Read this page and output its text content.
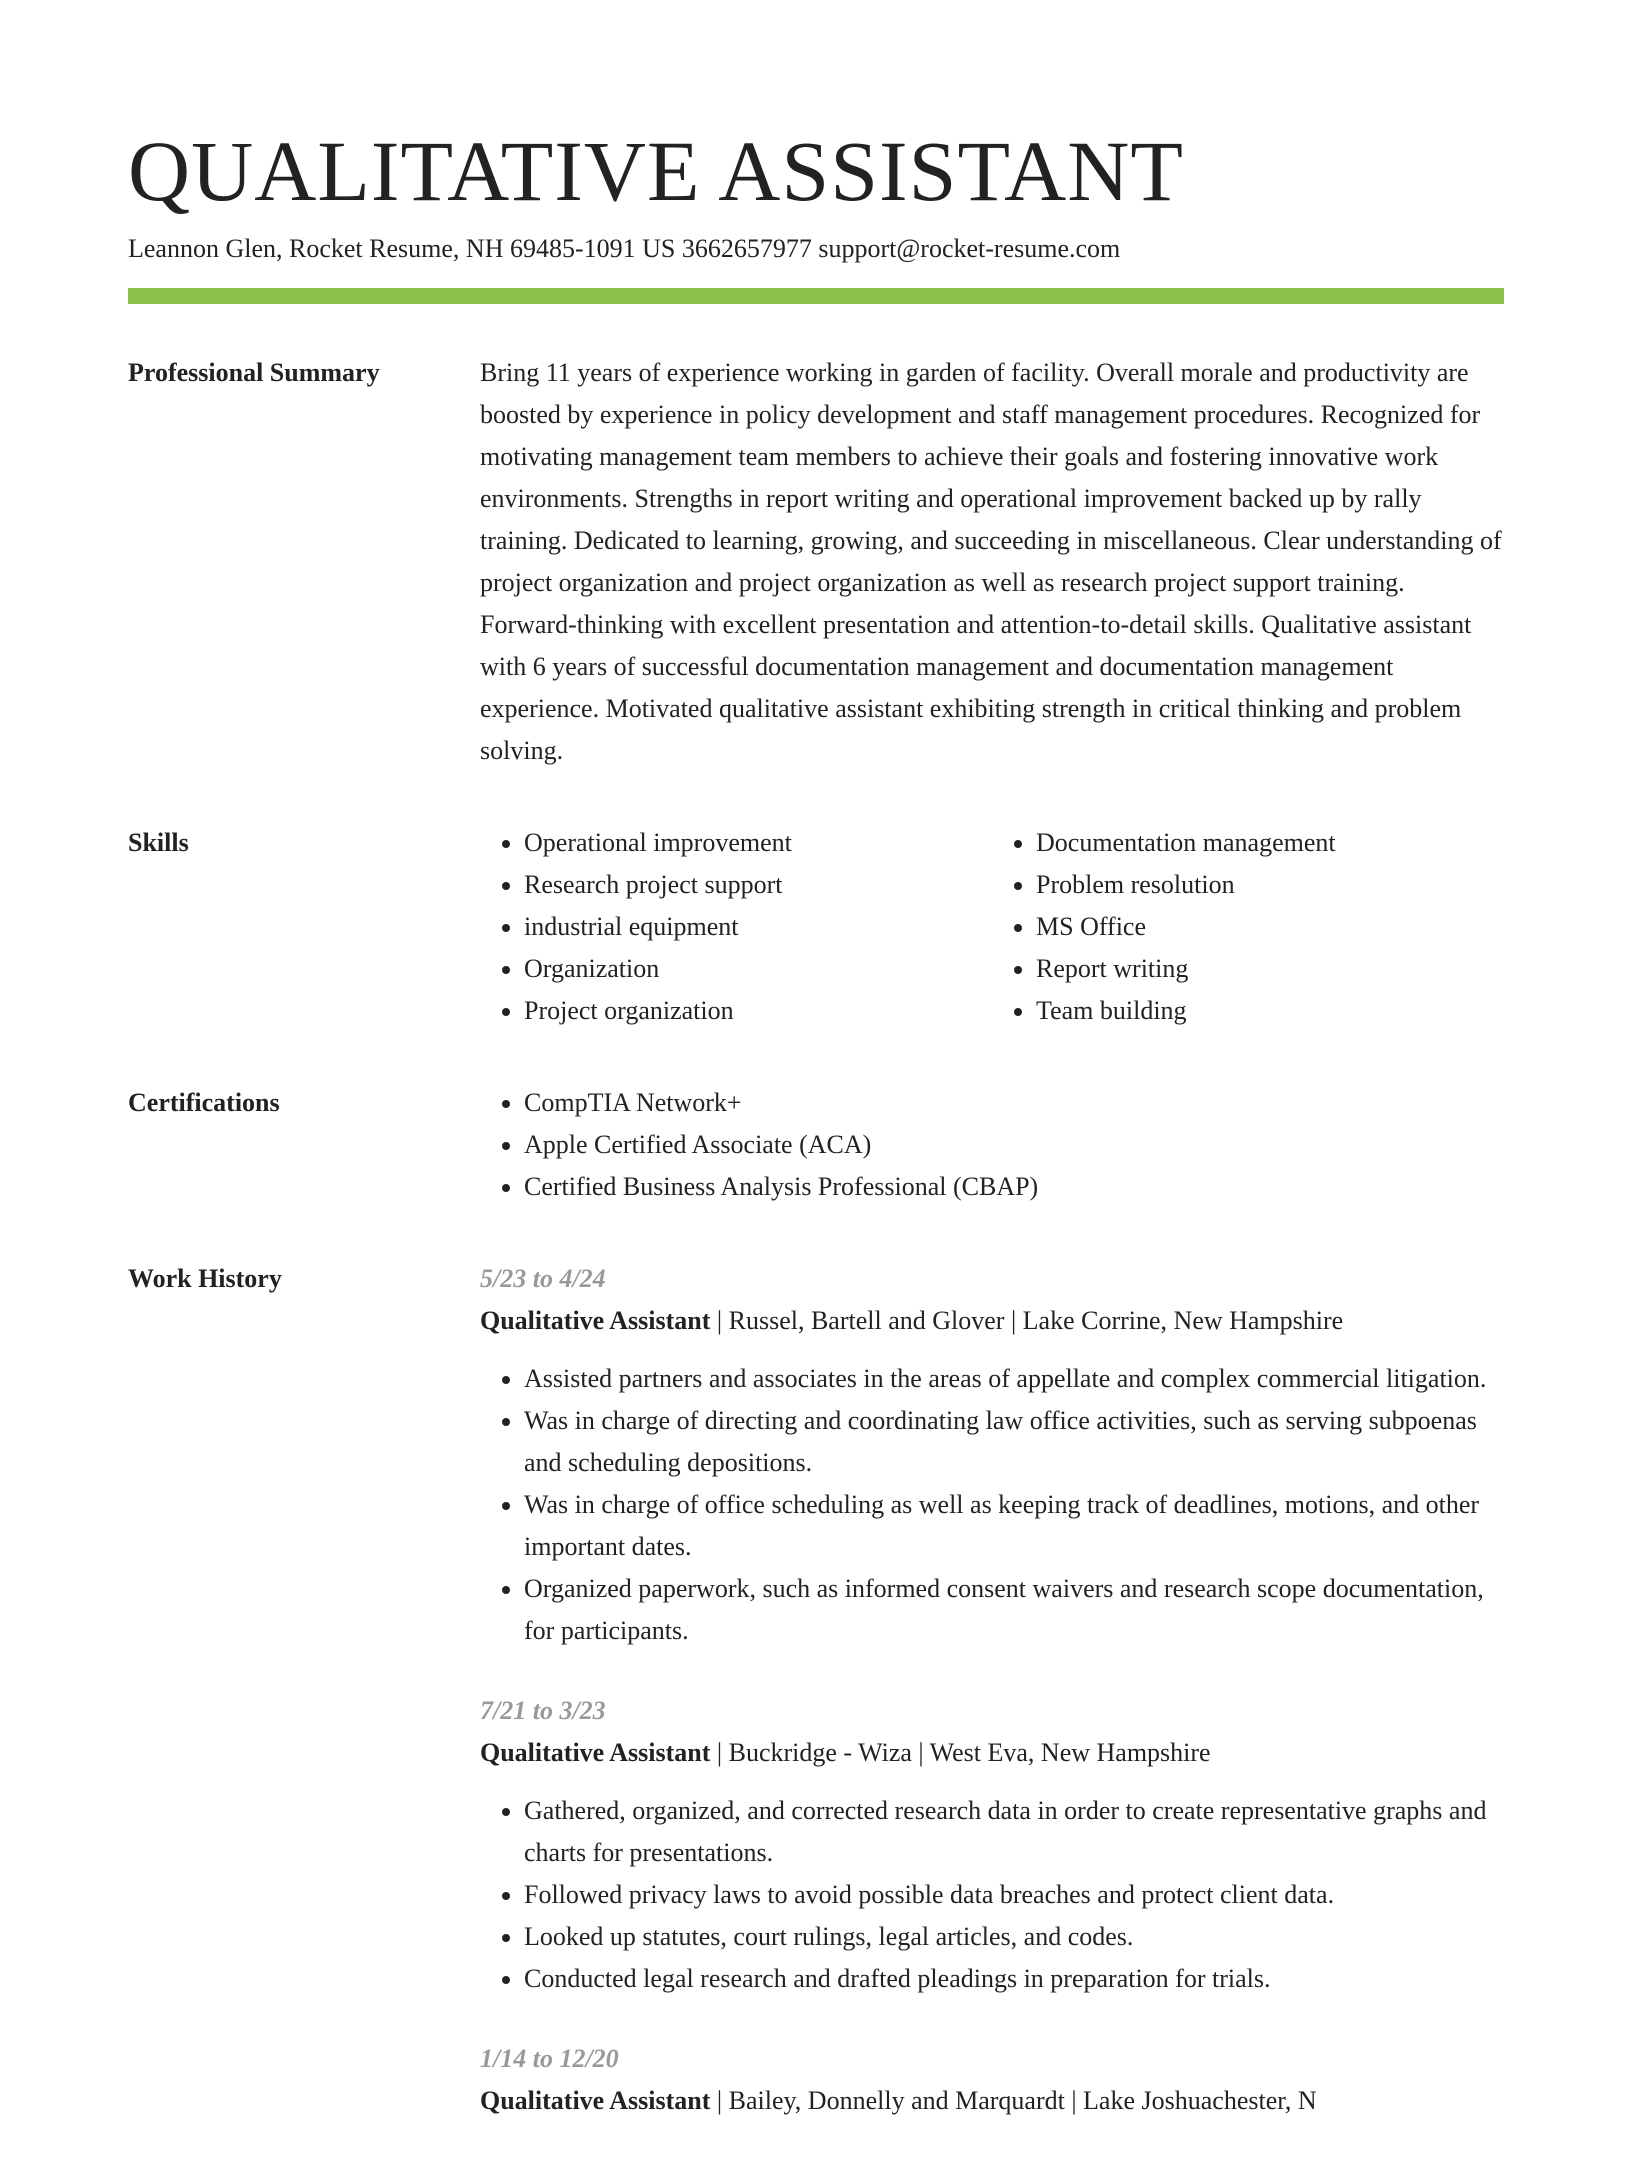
QUALITATIVE ASSISTANT
Leannon Glen, Rocket Resume, NH 69485-1091 US 3662657977 support@rocket-resume.com
Professional Summary	Bring 11 years of experience working in garden of facility. Overall morale and productivity are boosted by experience in policy development and staff management procedures. Recognized for motivating management team members to achieve their goals and fostering innovative work environments. Strengths in report writing and operational improvement backed up by rally training. Dedicated to learning, growing, and succeeding in miscellaneous. Clear understanding of project organization and project organization as well as research project support training. Forward-thinking with excellent presentation and attention-to-detail skills. Qualitative assistant with 6 years of successful documentation management and documentation management experience. Motivated qualitative assistant exhibiting strength in critical thinking and problem solving.

Skills	• Operational improvement
• Research project support
• industrial equipment
• Organization
• Project organization
• Documentation management
• Problem resolution
• MS Office
• Report writing
• Team building
Certifications	• CompTIA Network+
• Apple Certified Associate (ACA)
• Certified Business Analysis Professional (CBAP)
Work History	5/23 to 4/24
Qualitative Assistant | Russel, Bartell and Glover | Lake Corrine, New Hampshire
• Assisted partners and associates in the areas of appellate and complex commercial litigation.
• Was in charge of directing and coordinating law office activities, such as serving subpoenas and scheduling depositions.
• Was in charge of office scheduling as well as keeping track of deadlines, motions, and other important dates.
• Organized paperwork, such as informed consent waivers and research scope documentation, for participants.
7/21 to 3/23
Qualitative Assistant | Buckridge - Wiza | West Eva, New Hampshire
• Gathered, organized, and corrected research data in order to create representative graphs and charts for presentations.
• Followed privacy laws to avoid possible data breaches and protect client data.
• Looked up statutes, court rulings, legal articles, and codes.
• Conducted legal research and drafted pleadings in preparation for trials.
1/14 to 12/20
Qualitative Assistant | Bailey, Donnelly and Marquardt | Lake Joshuachester, N
